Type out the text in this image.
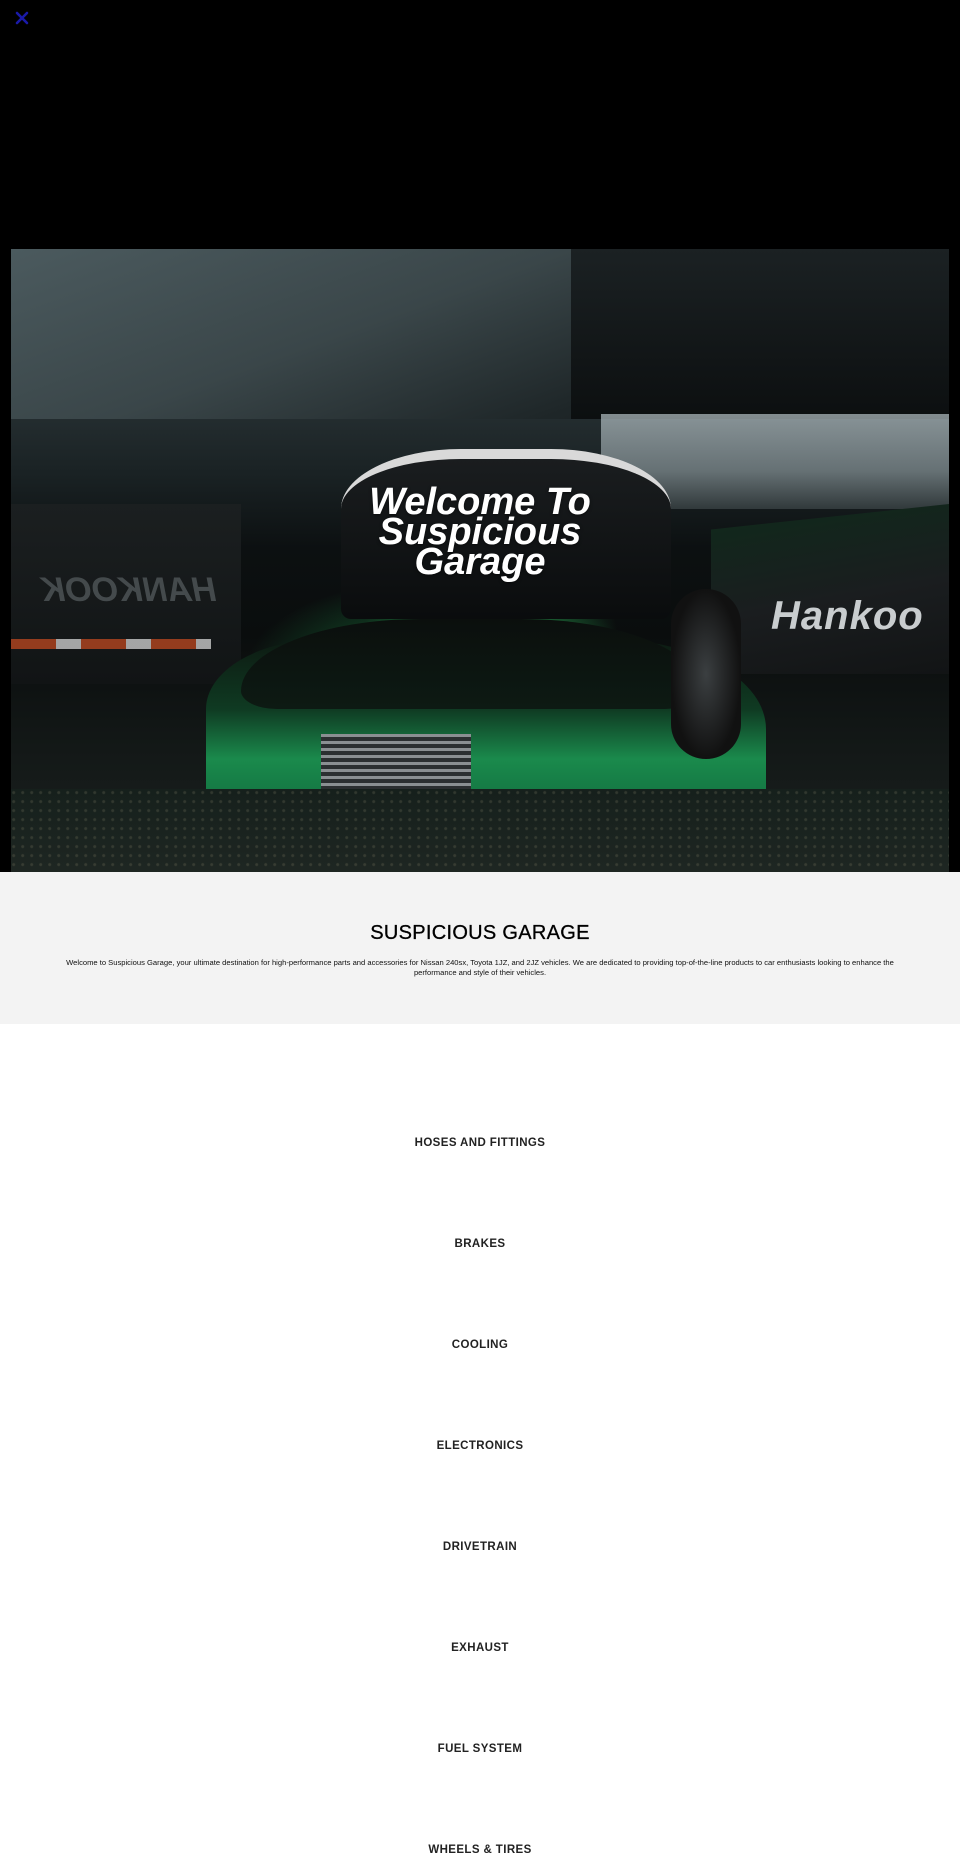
HANKOOK
Hankoo
Welcome To
Suspicious
Garage
SUSPICIOUS GARAGE

Welcome to Suspicious Garage, your ultimate destination for high-performance parts and accessories for Nissan 240sx, Toyota 1JZ, and 2JZ vehicles. We are dedicated to providing top-of-the-line products to car enthusiasts looking to enhance the performance and style of their vehicles.

HOSES AND FITTINGS
BRAKES
COOLING
ELECTRONICS
DRIVETRAIN
EXHAUST
FUEL SYSTEM
WHEELS & TIRES
